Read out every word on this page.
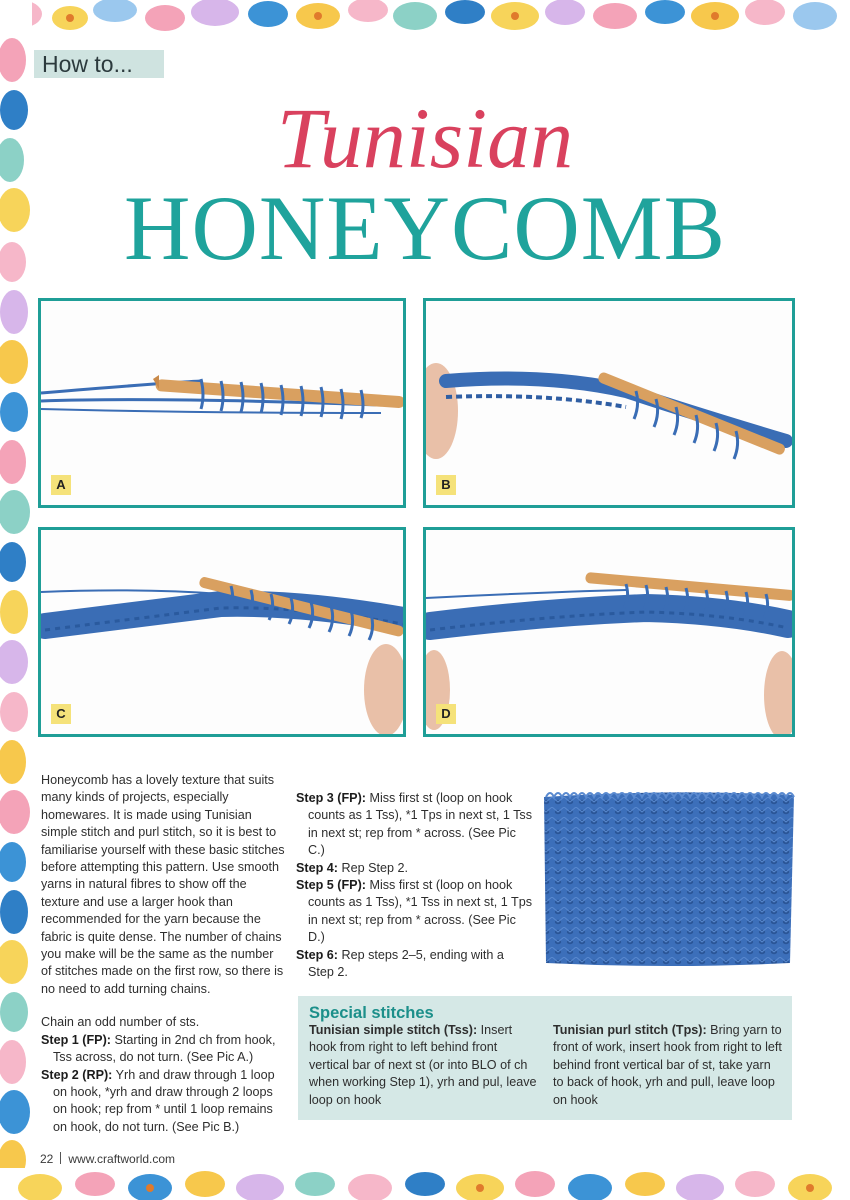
How to...
Tunisian
HONEYCOMB
A	B
C	D

Honeycomb has a lovely texture that suits many kinds of projects, especially homewares. It is made using Tunisian simple stitch and purl stitch, so it is best to familiarise yourself with these basic stitches before attempting this pattern. Use smooth yarns in natural fibres to show off the texture and use a larger hook than recommended for the yarn because the fabric is quite dense. The number of chains you make will be the same as the number of stitches made on the first row, so there is no need to add turning chains.

Chain an odd number of sts.

Step 1 (FP): Starting in 2nd ch from hook, Tss across, do not turn. (See Pic A.)

Step 2 (RP): Yrh and draw through 1 loop on hook, *yrh and draw through 2 loops on hook; rep from * until 1 loop remains on hook, do not turn. (See Pic B.)

Step 3 (FP): Miss first st (loop on hook counts as 1 Tss), *1 Tps in next st, 1 Tss in next st; rep from * across. (See Pic C.)

Step 4: Rep Step 2.

Step 5 (FP): Miss first st (loop on hook counts as 1 Tss), *1 Tss in next st, 1 Tps in next st; rep from * across. (See Pic D.)

Step 6: Rep steps 2–5, ending with a Step 2.

Special stitches
Tunisian simple stitch (Tss): Insert hook from right to left behind front vertical bar of next st (or into BLO of ch when working Step 1), yrh and pul, leave loop on hook
Tunisian purl stitch (Tps): Bring yarn to front of work, insert hook from right to left behind front vertical bar of st, take yarn to back of hook, yrh and pull, leave loop on hook
22 www.craftworld.com
